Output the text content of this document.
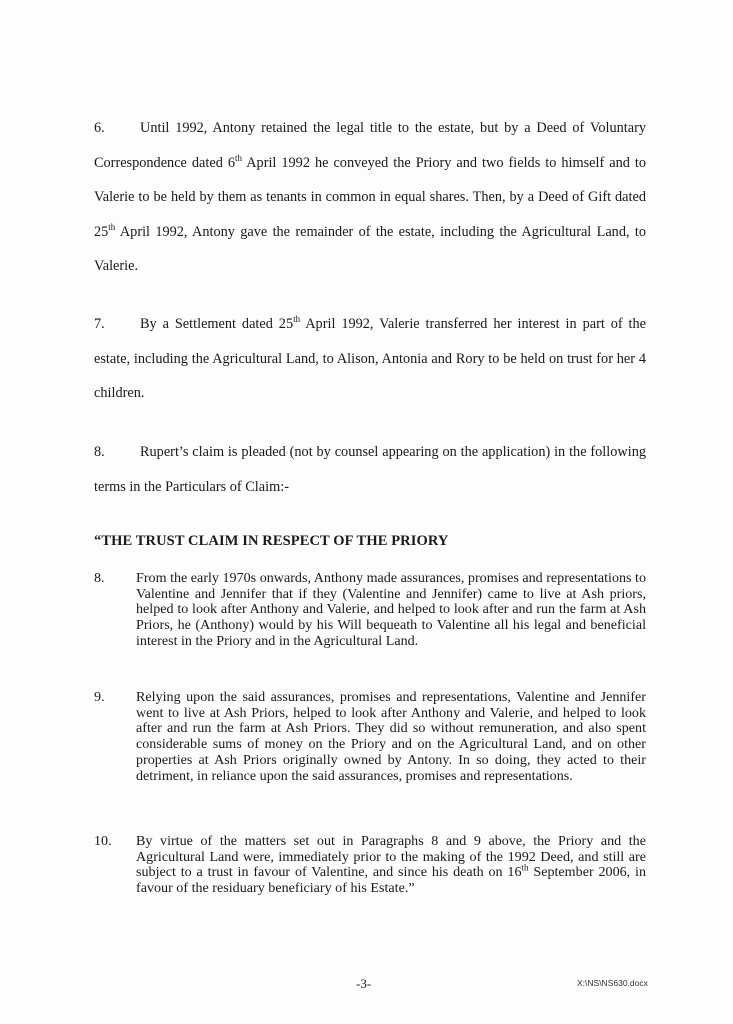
6. Until 1992, Antony retained the legal title to the estate, but by a Deed of Voluntary Correspondence dated 6th April 1992 he conveyed the Priory and two fields to himself and to Valerie to be held by them as tenants in common in equal shares. Then, by a Deed of Gift dated 25th April 1992, Antony gave the remainder of the estate, including the Agricultural Land, to Valerie.
7. By a Settlement dated 25th April 1992, Valerie transferred her interest in part of the estate, including the Agricultural Land, to Alison, Antonia and Rory to be held on trust for her 4 children.
8. Rupert’s claim is pleaded (not by counsel appearing on the application) in the following terms in the Particulars of Claim:-
“THE TRUST CLAIM IN RESPECT OF THE PRIORY
8.	From the early 1970s onwards, Anthony made assurances, promises and representations to Valentine and Jennifer that if they (Valentine and Jennifer) came to live at Ash priors, helped to look after Anthony and Valerie, and helped to look after and run the farm at Ash Priors, he (Anthony) would by his Will bequeath to Valentine all his legal and beneficial interest in the Priory and in the Agricultural Land.
9.	Relying upon the said assurances, promises and representations, Valentine and Jennifer went to live at Ash Priors, helped to look after Anthony and Valerie, and helped to look after and run the farm at Ash Priors. They did so without remuneration, and also spent considerable sums of money on the Priory and on the Agricultural Land, and on other properties at Ash Priors originally owned by Antony. In so doing, they acted to their detriment, in reliance upon the said assurances, promises and representations.
10.	By virtue of the matters set out in Paragraphs 8 and 9 above, the Priory and the Agricultural Land were, immediately prior to the making of the 1992 Deed, and still are subject to a trust in favour of Valentine, and since his death on 16th September 2006, in favour of the residuary beneficiary of his Estate.”
-3-	X:\NS\NS630.docx
